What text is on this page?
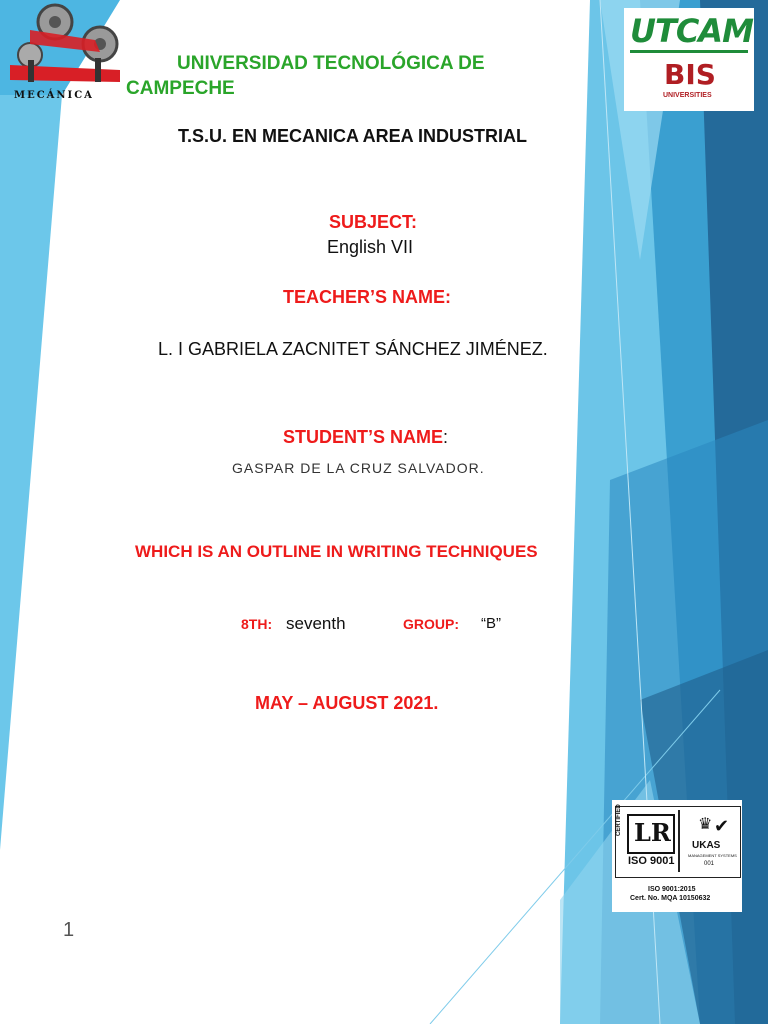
MECÁNICA
UNIVERSIDAD TECNOLÓGICA DE
CAMPECHE
UTCAM
BIS
UNIVERSITIES
T.S.U. EN MECANICA AREA INDUSTRIAL
SUBJECT:
English VII
TEACHER’S NAME:
L. I GABRIELA ZACNITET SÁNCHEZ JIMÉNEZ.
STUDENT’S NAME:
GASPAR DE LA CRUZ SALVADOR.
WHICH IS AN OUTLINE IN WRITING TECHNIQUES
8TH: seventh	GROUP: “B”
MAY – AUGUST 2021.
CERTIFIED LR
ISO 9001
♛ ✔
UKAS
MANAGEMENT SYSTEMS
001
ISO 9001:2015
Cert. No. MQA 10150632
1
